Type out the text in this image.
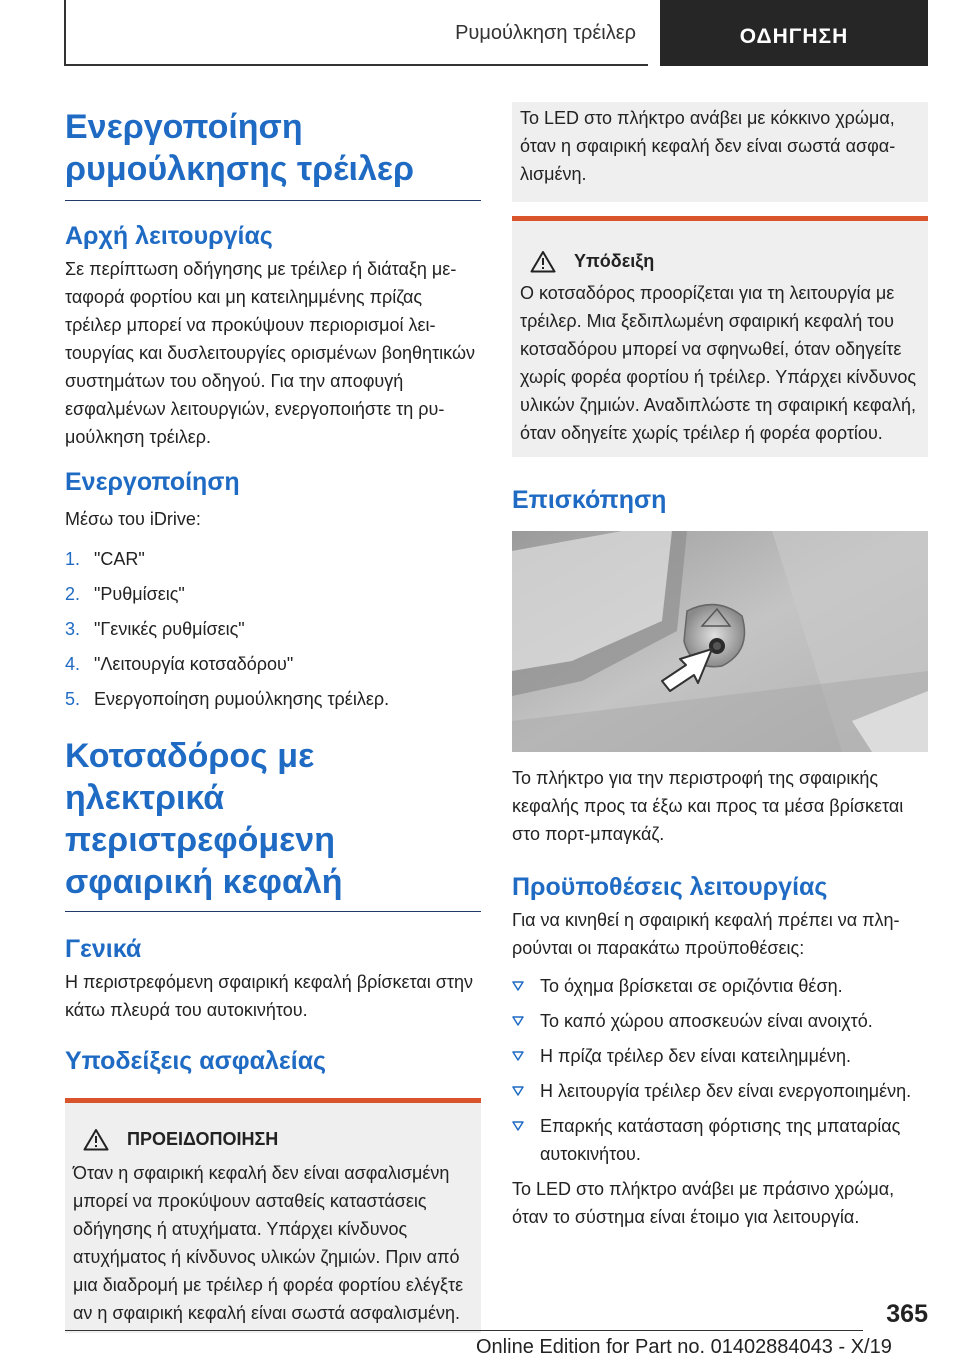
Ρυμούλκηση τρέιλερ	ΟΔΗΓΗΣΗ
Ενεργοποίηση ρυμούλκησης τρέιλερ
Αρχή λειτουργίας
Σε περίπτωση οδήγησης με τρέιλερ ή διάταξη μεταφορά φορτίου και μη κατειλημμένης πρίζας τρέιλερ μπορεί να προκύψουν περιορισμοί λειτουργίας και δυσλειτουργίες ορισμένων βοηθητικών συστημάτων του οδηγού. Για την αποφυγή εσφαλμένων λειτουργιών, ενεργοποιήστε τη ρυμούλκηση τρέιλερ.
Ενεργοποίηση
Μέσω του iDrive:
1. "CAR"
2. "Ρυθμίσεις"
3. "Γενικές ρυθμίσεις"
4. "Λειτουργία κοτσαδόρου"
5. Ενεργοποίηση ρυμούλκησης τρέιλερ.
Κοτσαδόρος με ηλεκτρικά περιστρεφόμενη σφαιρική κεφαλή
Γενικά
Η περιστρεφόμενη σφαιρική κεφαλή βρίσκεται στην κάτω πλευρά του αυτοκινήτου.
Υποδείξεις ασφαλείας
ΠΡΟΕΙΔΟΠΟΙΗΣΗ
Όταν η σφαιρική κεφαλή δεν είναι ασφαλισμένη μπορεί να προκύψουν ασταθείς καταστάσεις οδήγησης ή ατυχήματα. Υπάρχει κίνδυνος ατυχήματος ή κίνδυνος υλικών ζημιών. Πριν από μια διαδρομή με τρέιλερ ή φορέα φορτίου ελέγξτε αν η σφαιρική κεφαλή είναι σωστά ασφαλισμένη.
Το LED στο πλήκτρο ανάβει με κόκκινο χρώμα, όταν η σφαιρική κεφαλή δεν είναι σωστά ασφαλισμένη.
Υπόδειξη
Ο κοτσαδόρος προορίζεται για τη λειτουργία με τρέιλερ. Μια ξεδιπλωμένη σφαιρική κεφαλή του κοτσαδόρου μπορεί να σφηνωθεί, όταν οδηγείτε χωρίς φορέα φορτίου ή τρέιλερ. Υπάρχει κίνδυνος υλικών ζημιών. Αναδιπλώστε τη σφαιρική κεφαλή, όταν οδηγείτε χωρίς τρέιλερ ή φορέα φορτίου.
Επισκόπηση
Το πλήκτρο για την περιστροφή της σφαιρικής κεφαλής προς τα έξω και προς τα μέσα βρίσκεται στο πορτ-μπαγκάζ.
Προϋποθέσεις λειτουργίας
Για να κινηθεί η σφαιρική κεφαλή πρέπει να πληρούνται οι παρακάτω προϋποθέσεις:
Το όχημα βρίσκεται σε οριζόντια θέση.
Το καπό χώρου αποσκευών είναι ανοιχτό.
Η πρίζα τρέιλερ δεν είναι κατειλημμένη.
Η λειτουργία τρέιλερ δεν είναι ενεργοποιημένη.
Επαρκής κατάσταση φόρτισης της μπαταρίας αυτοκινήτου.
Το LED στο πλήκτρο ανάβει με πράσινο χρώμα, όταν το σύστημα είναι έτοιμο για λειτουργία.
365
Online Edition for Part no. 01402884043 - X/19
